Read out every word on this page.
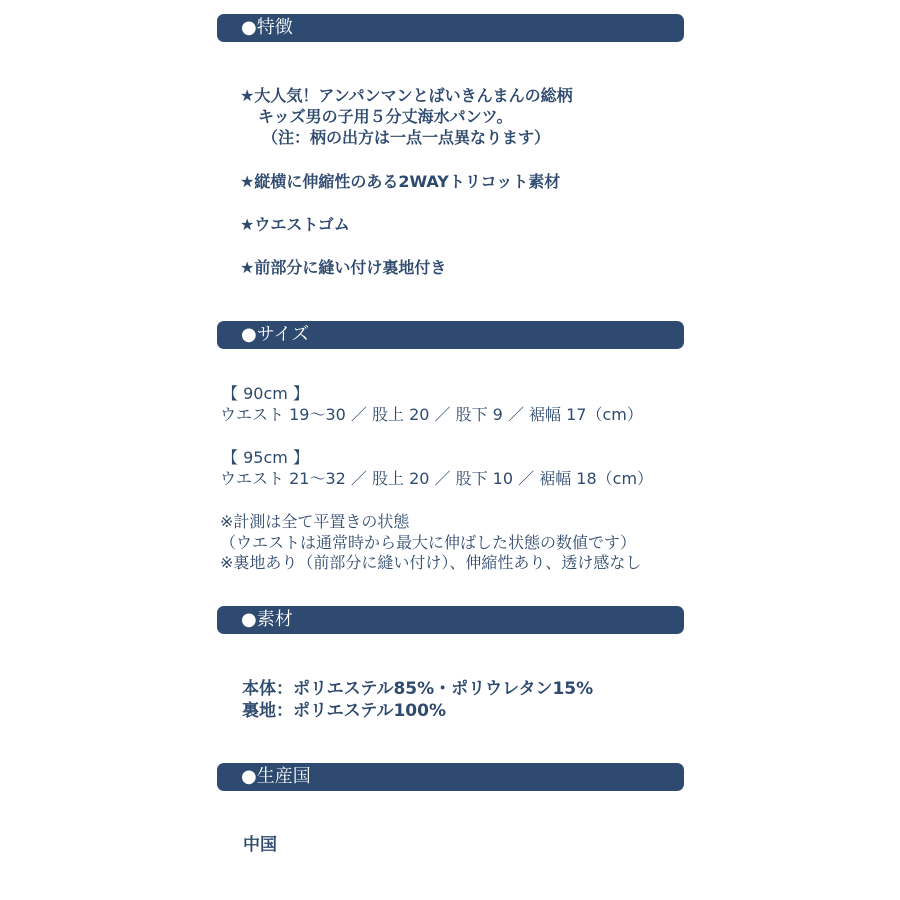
●特徴
★大人気！アンパンマンとばいきんまんの総柄
キッズ男の子用５分丈海水パンツ。
（注：柄の出方は一点一点異なります）
★縦横に伸縮性のある2WAYトリコット素材
★ウエストゴム
★前部分に縫い付け裏地付き
●サイズ
【 90cm 】
ウエスト 19～30 ／ 股上 20 ／ 股下 9 ／ 裾幅 17（cm）
【 95cm 】
ウエスト 21～32 ／ 股上 20 ／ 股下 10 ／ 裾幅 18（cm）
※計測は全て平置きの状態
（ウエストは通常時から最大に伸ばした状態の数値です）
※裏地あり（前部分に縫い付け）、伸縮性あり、透け感なし
●素材
本体：ポリエステル85%・ポリウレタン15%
裏地：ポリエステル100%
●生産国
中国
